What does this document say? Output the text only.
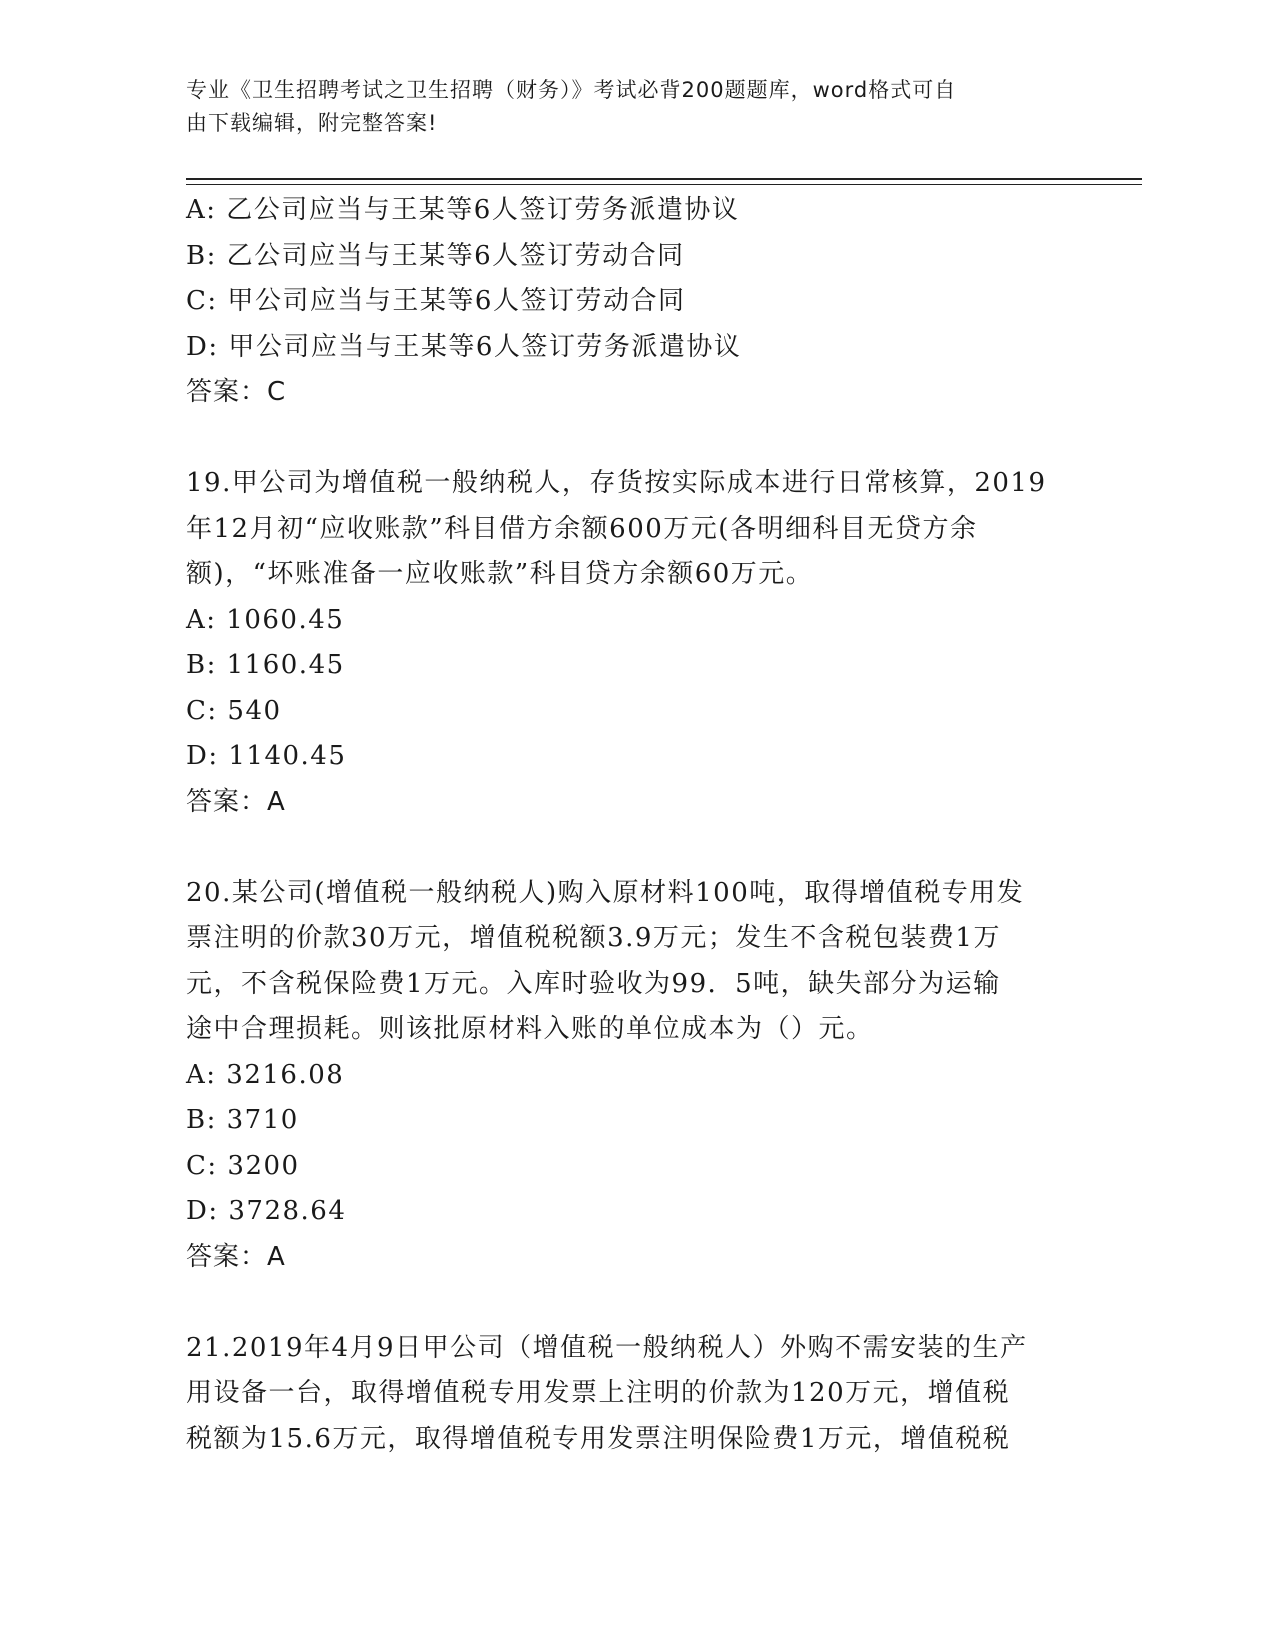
专业《卫生招聘考试之卫生招聘（财务）》考试必背200题题库，word格式可自
由下载编辑，附完整答案!
A: 乙公司应当与王某等6人签订劳务派遣协议
B: 乙公司应当与王某等6人签订劳动合同
C: 甲公司应当与王某等6人签订劳动合同
D: 甲公司应当与王某等6人签订劳务派遣协议
答案：C
19.甲公司为增值税一般纳税人，存货按实际成本进行日常核算，2019
年12月初“应收账款”科目借方余额600万元(各明细科目无贷方余
额)，“坏账准备一应收账款”科目贷方余额60万元。
A: 1060.45
B: 1160.45
C: 540
D: 1140.45
答案：A
20.某公司(增值税一般纳税人)购入原材料100吨，取得增值税专用发
票注明的价款30万元，增值税税额3.9万元；发生不含税包装费1万
元，不含税保险费1万元。入库时验收为99．5吨，缺失部分为运输
途中合理损耗。则该批原材料入账的单位成本为（）元。
A: 3216.08
B: 3710
C: 3200
D: 3728.64
答案：A
21.2019年4月9日甲公司（增值税一般纳税人）外购不需安装的生产
用设备一台，取得增值税专用发票上注明的价款为120万元，增值税
税额为15.6万元，取得增值税专用发票注明保险费1万元，增值税税
